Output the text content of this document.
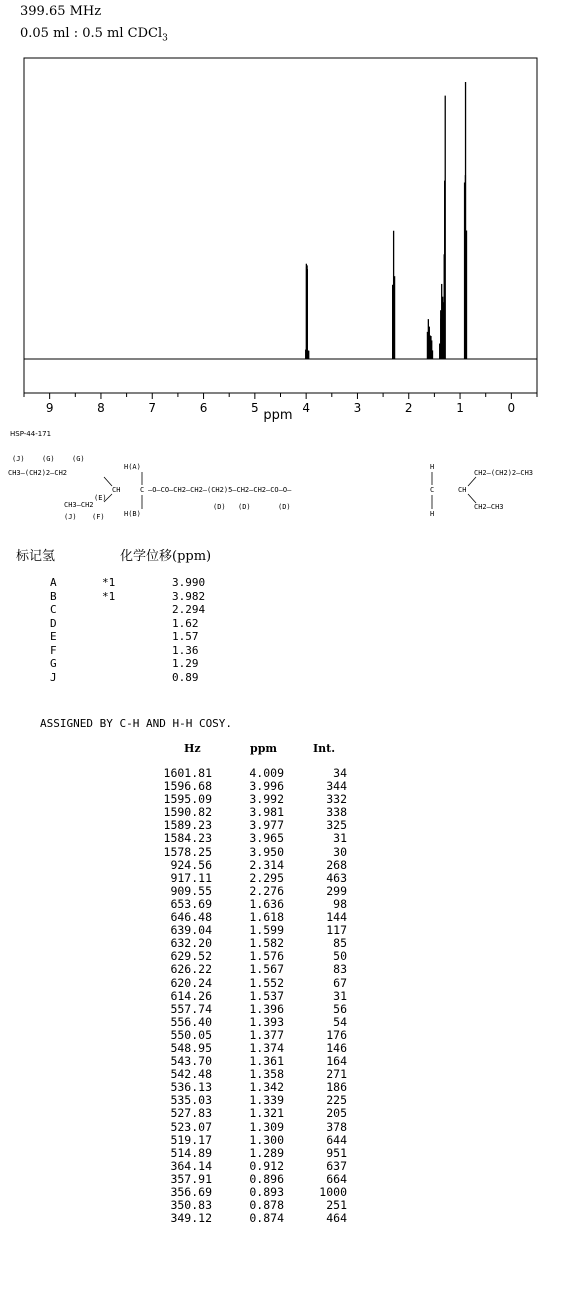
399.65 MHz
0.05 ml : 0.5 ml CDCl$_3$
9	8	7	6	5	4	3	2	1	0
ppm
HSP-44-171
(J) (G) (G)
H(A)
CH3—(CH2)2—CH2
CH
(E)
C —O—CO—CH2—CH2—(CH2)5—CH2—CH2—CO—O—	C
H
H
CH
CH2—(CH2)2—CH3
CH2—CH3
CH3—CH2
H(B)
(J) (F)
(D) (D)	(D)
标记氢	化学位移(ppm)
A	*1	3.990
B	*1	3.982
C	2.294
D	1.62
E	1.57
F	1.36
G	1.29
J	0.89
ASSIGNED BY C-H AND H-H COSY.
Hz	ppm	Int.
1601.81	4.009	34
1596.68	3.996	344
1595.09	3.992	332
1590.82	3.981	338
1589.23	3.977	325
1584.23	3.965	31
1578.25	3.950	30
924.56	2.314	268
917.11	2.295	463
909.55	2.276	299
653.69	1.636	98
646.48	1.618	144
639.04	1.599	117
632.20	1.582	85
629.52	1.576	50
626.22	1.567	83
620.24	1.552	67
614.26	1.537	31
557.74	1.396	56
556.40	1.393	54
550.05	1.377	176
548.95	1.374	146
543.70	1.361	164
542.48	1.358	271
536.13	1.342	186
535.03	1.339	225
527.83	1.321	205
523.07	1.309	378
519.17	1.300	644
514.89	1.289	951
364.14	0.912	637
357.91	0.896	664
356.69	0.893	1000
350.83	0.878	251
349.12	0.874	464
